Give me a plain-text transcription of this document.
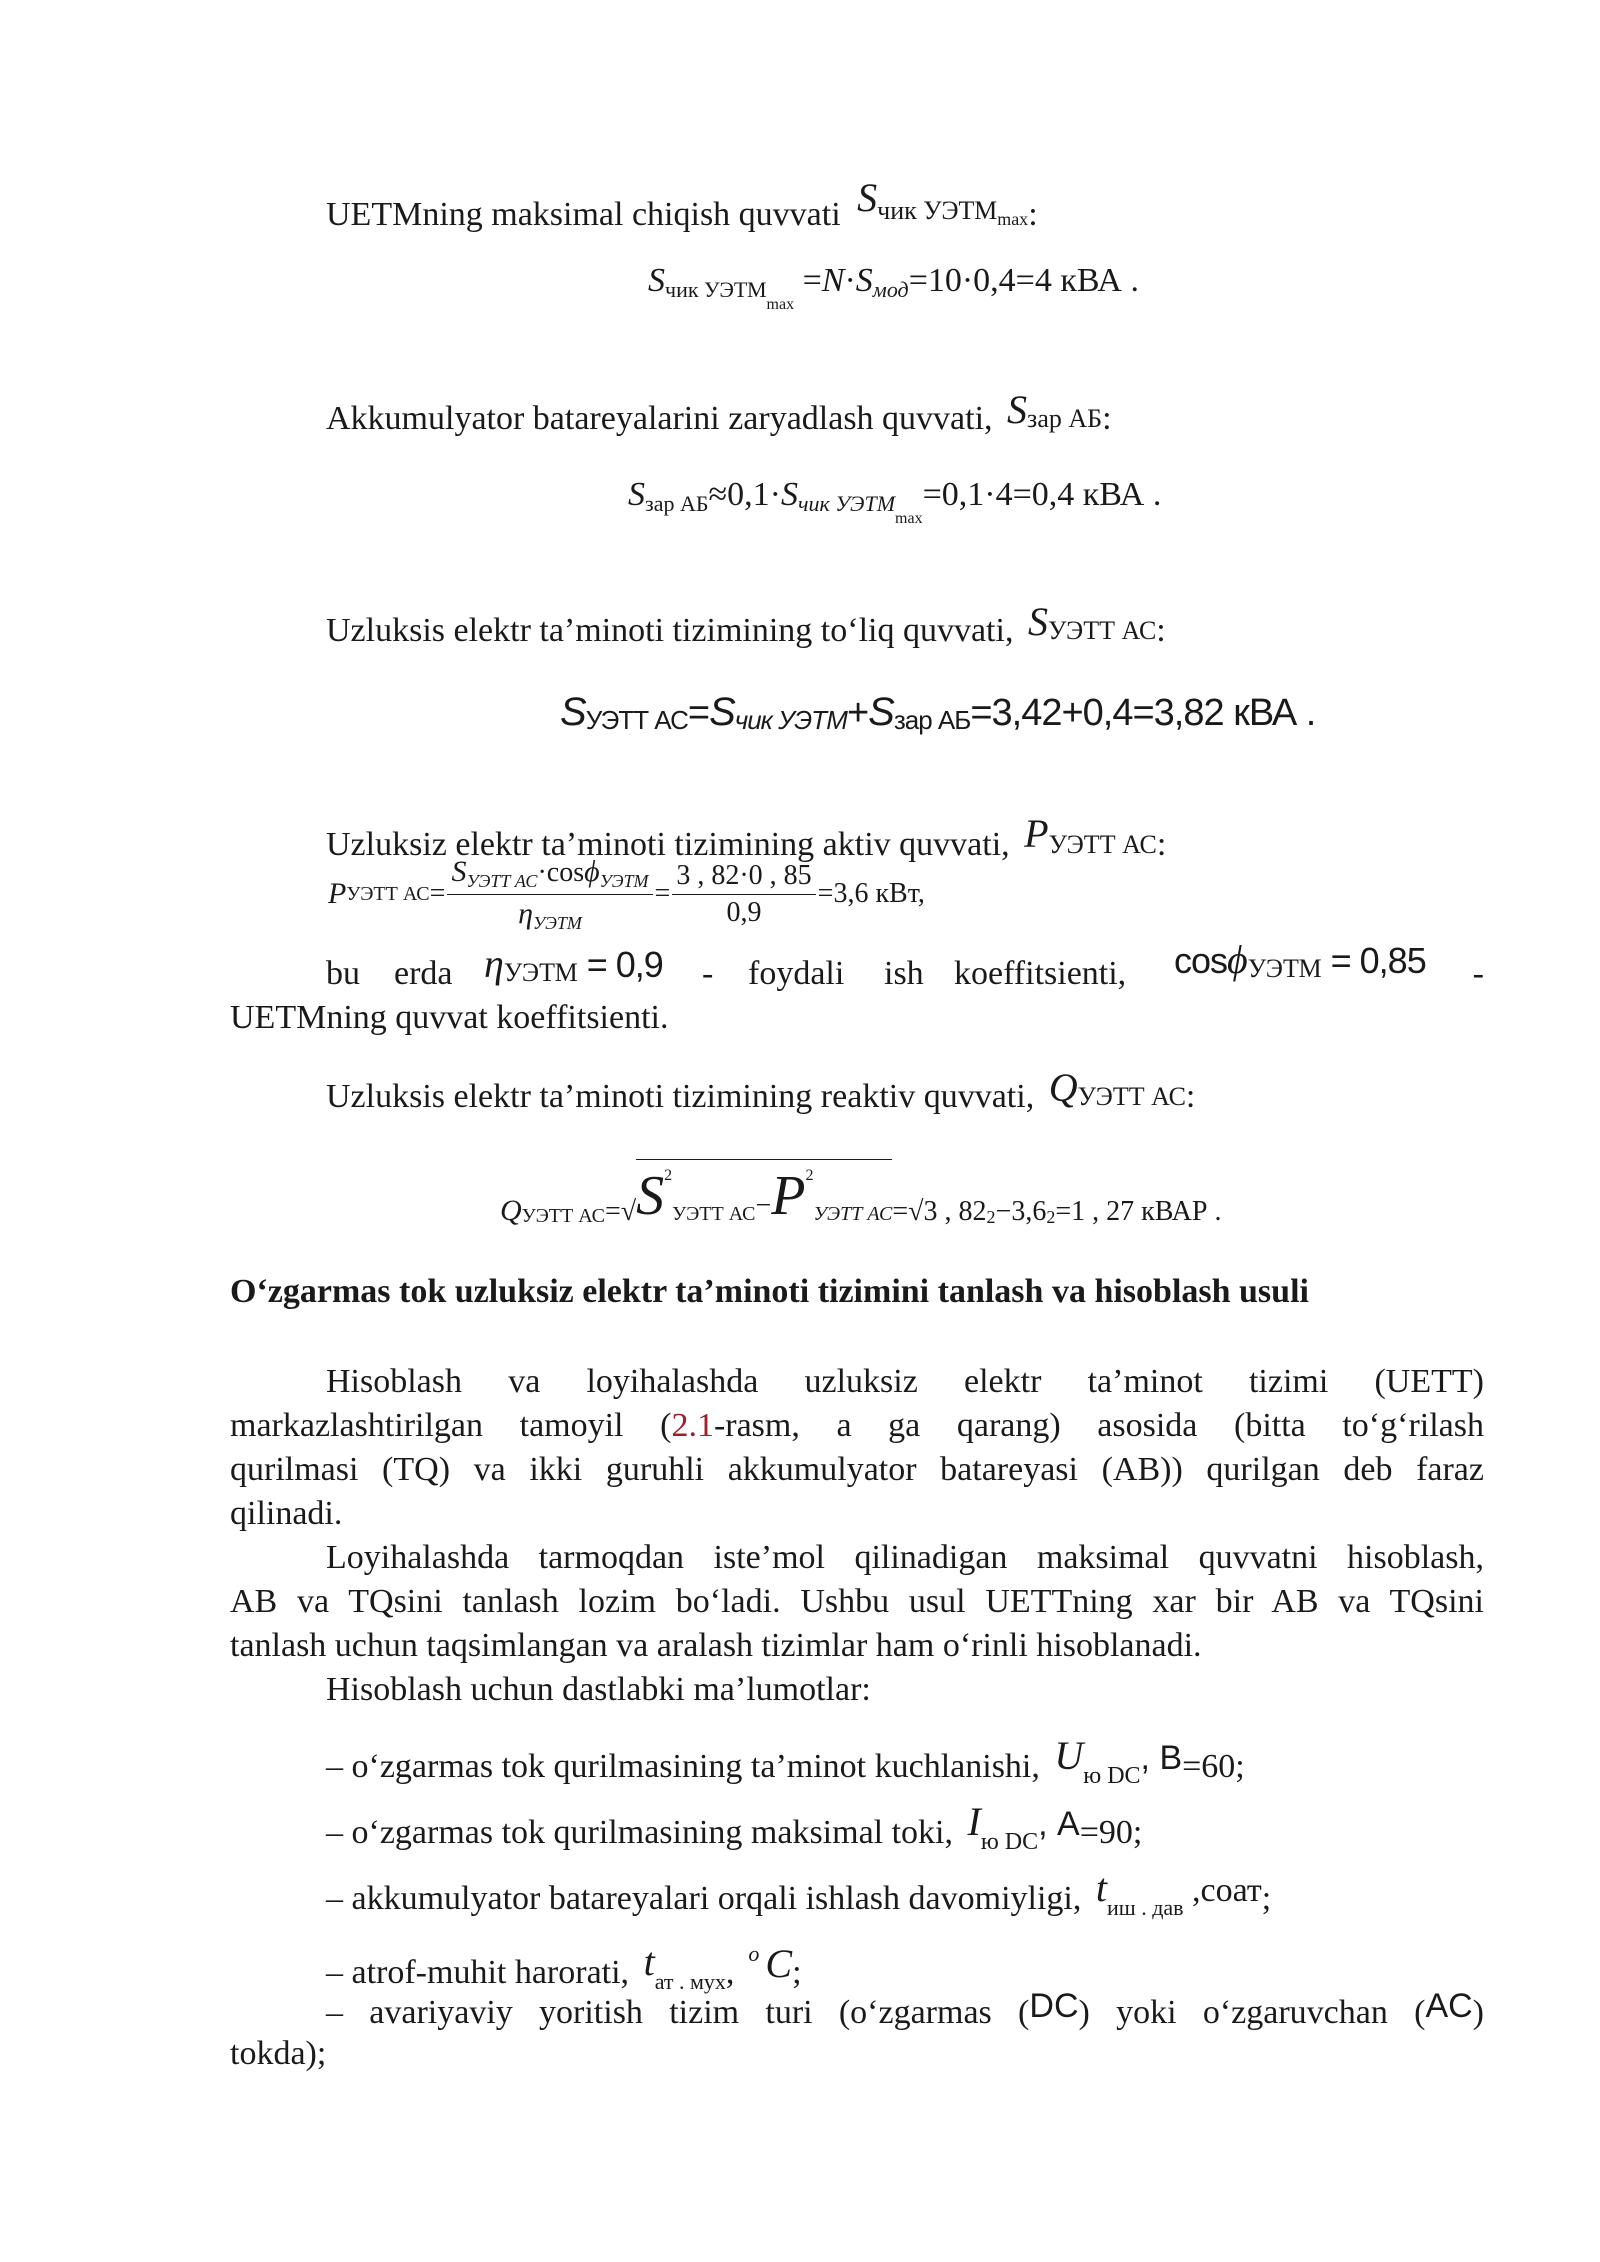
UETMning maksimal chiqish quvvati Sчик УЭТМmax:
$S_{чик УЭТМmax} =N\cdot S_{мод}=10\cdot 0,4=4$ кВА .
Akkumulyator batareyalarini zaryadlash quvvati, Sзар АБ:
$S_{зар АБ}\approx 0,1\cdot S_{чик УЭТМmax}=0,1\cdot 4=0,4$ кВА .
Uzluksis elektr ta’minoti tizimining to‘liq quvvati, SУЭТТ АС:
SУЭТТ АС=Sчик УЭТМ+Sзар АБ=3,42+0,4=3,82 кВА .
Uzluksiz elektr ta’minoti tizimining aktiv quvvati, PУЭТТ АС:
P УЭТТ АС = $\frac{S_{УЭТТ АС}\cdot\cos\phi_{УЭТМ}}{\eta_{УЭТМ}} = \frac{3 , 82\cdot 0 , 85}{0,9} =3,6$ кВт,
bu erda ηУЭТМ = 0,9 - foydali ish koeffitsienti, cosϕУЭТМ = 0,85 -
UETMning quvvat koeffitsienti.
Uzluksis elektr ta’minoti tizimining reaktiv quvvati, QУЭТТ АС:
Q УЭТТ АС =√ $S^2_{УЭТТ АС}-P^2_{УЭТТ АС} =√3$ , 82 2 −3,6 2 =1 , 27 кВАР .
O‘zgarmas tok uzluksiz elektr ta’minoti tizimini tanlash va hisoblash usuli
Hisoblash va loyihalashda uzluksiz elektr ta’minot tizimi (UETT)
markazlashtirilgan tamoyil (2.1-rasm, a ga qarang) asosida (bitta to‘g‘rilash
qurilmasi (TQ) va ikki guruhli akkumulyator batareyasi (AB)) qurilgan deb faraz
qilinadi.
Loyihalashda tarmoqdan iste’mol qilinadigan maksimal quvvatni hisoblash,
AB va TQsini tanlash lozim bo‘ladi. Ushbu usul UETTning xar bir AB va TQsini
tanlash uchun taqsimlangan va aralash tizimlar ham o‘rinli hisoblanadi.
Hisoblash uchun dastlabki ma’lumotlar:
– o‘zgarmas tok qurilmasining ta’minot kuchlanishi, $U_{ю DC}$, В=60;
– o‘zgarmas tok qurilmasining maksimal toki, $I_{ю DC}$, А=90;
– akkumulyator batareyalari orqali ishlash davomiyligi, $t_{иш . дав}$ ,соат;
– atrof-muhit harorati, $t_{ат . мух},^o$ C;
– avariyaviy yoritish tizim turi (o‘zgarmas (DC) yoki o‘zgaruvchan (AC)
tokda);
